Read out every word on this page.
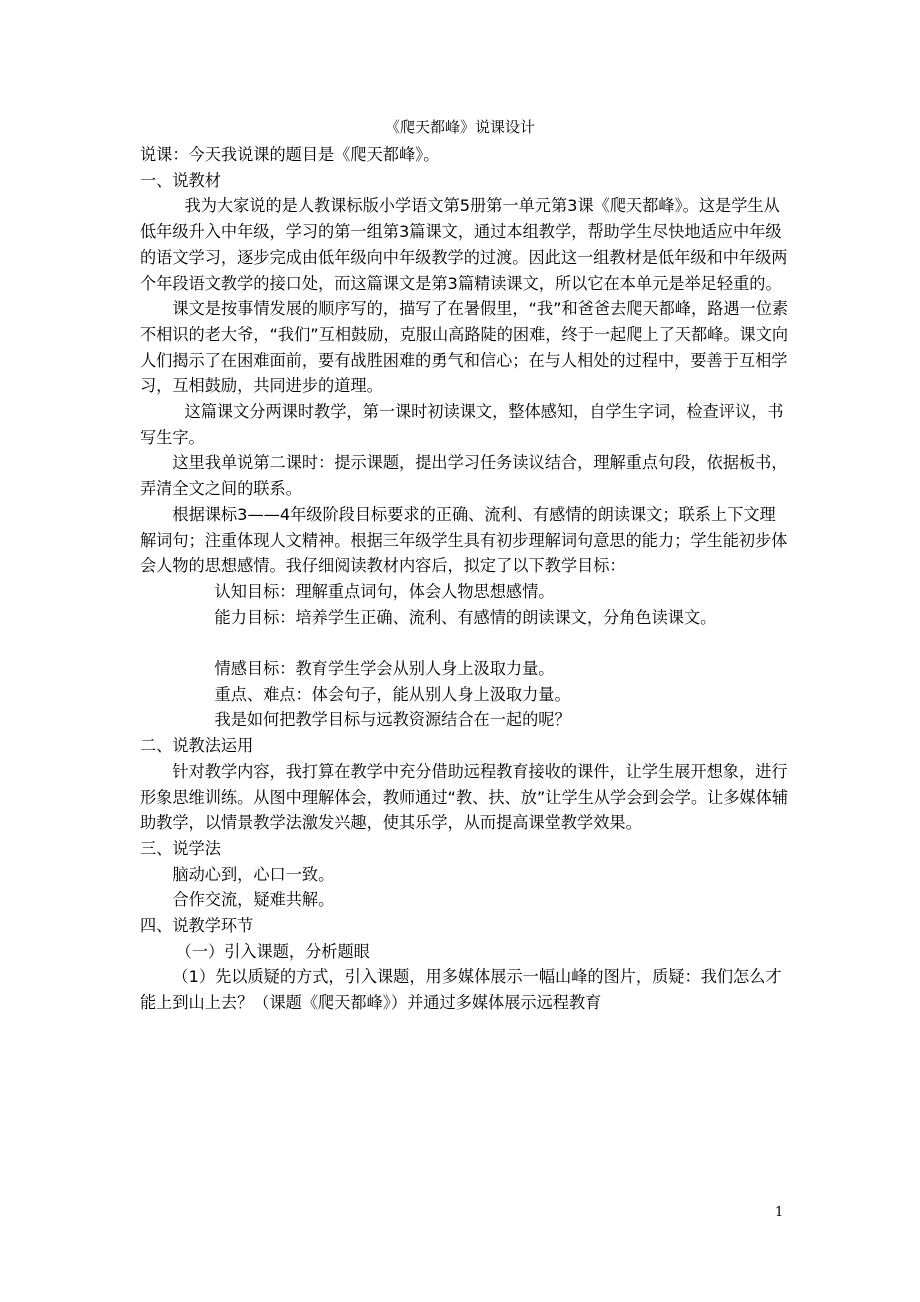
《爬天都峰》说课设计

说课：今天我说课的题目是《爬天都峰》。

一、说教材

我为大家说的是人教课标版小学语文第5册第一单元第3课《爬天都峰》。这是学生从低年级升入中年级，学习的第一组第3篇课文，通过本组教学，帮助学生尽快地适应中年级的语文学习，逐步完成由低年级向中年级教学的过渡。因此这一组教材是低年级和中年级两个年段语文教学的接口处，而这篇课文是第3篇精读课文，所以它在本单元是举足轻重的。

课文是按事情发展的顺序写的，描写了在暑假里，“我”和爸爸去爬天都峰，路遇一位素不相识的老大爷，“我们”互相鼓励，克服山高路陡的困难，终于一起爬上了天都峰。课文向人们揭示了在困难面前，要有战胜困难的勇气和信心；在与人相处的过程中，要善于互相学习，互相鼓励，共同进步的道理。

这篇课文分两课时教学，第一课时初读课文，整体感知，自学生字词，检查评议，书写生字。

这里我单说第二课时：提示课题，提出学习任务读议结合，理解重点句段，依据板书，弄清全文之间的联系。

根据课标3——4年级阶段目标要求的正确、流利、有感情的朗读课文；联系上下文理解词句；注重体现人文精神。根据三年级学生具有初步理解词句意思的能力；学生能初步体会人物的思想感情。我仔细阅读教材内容后，拟定了以下教学目标：

认知目标：理解重点词句，体会人物思想感情。

能力目标：培养学生正确、流利、有感情的朗读课文，分角色读课文。

情感目标：教育学生学会从别人身上汲取力量。

重点、难点：体会句子，能从别人身上汲取力量。

我是如何把教学目标与远教资源结合在一起的呢？

二、说教法运用

针对教学内容，我打算在教学中充分借助远程教育接收的课件，让学生展开想象，进行形象思维训练。从图中理解体会，教师通过“教、扶、放”让学生从学会到会学。让多媒体辅助教学，以情景教学法激发兴趣，使其乐学，从而提高课堂教学效果。

三、说学法

脑动心到，心口一致。

合作交流，疑难共解。

四、说教学环节

（一）引入课题，分析题眼

（1）先以质疑的方式，引入课题，用多媒体展示一幅山峰的图片，质疑：我们怎么才能上到山上去？（课题《爬天都峰》）并通过多媒体展示远程教育

1
